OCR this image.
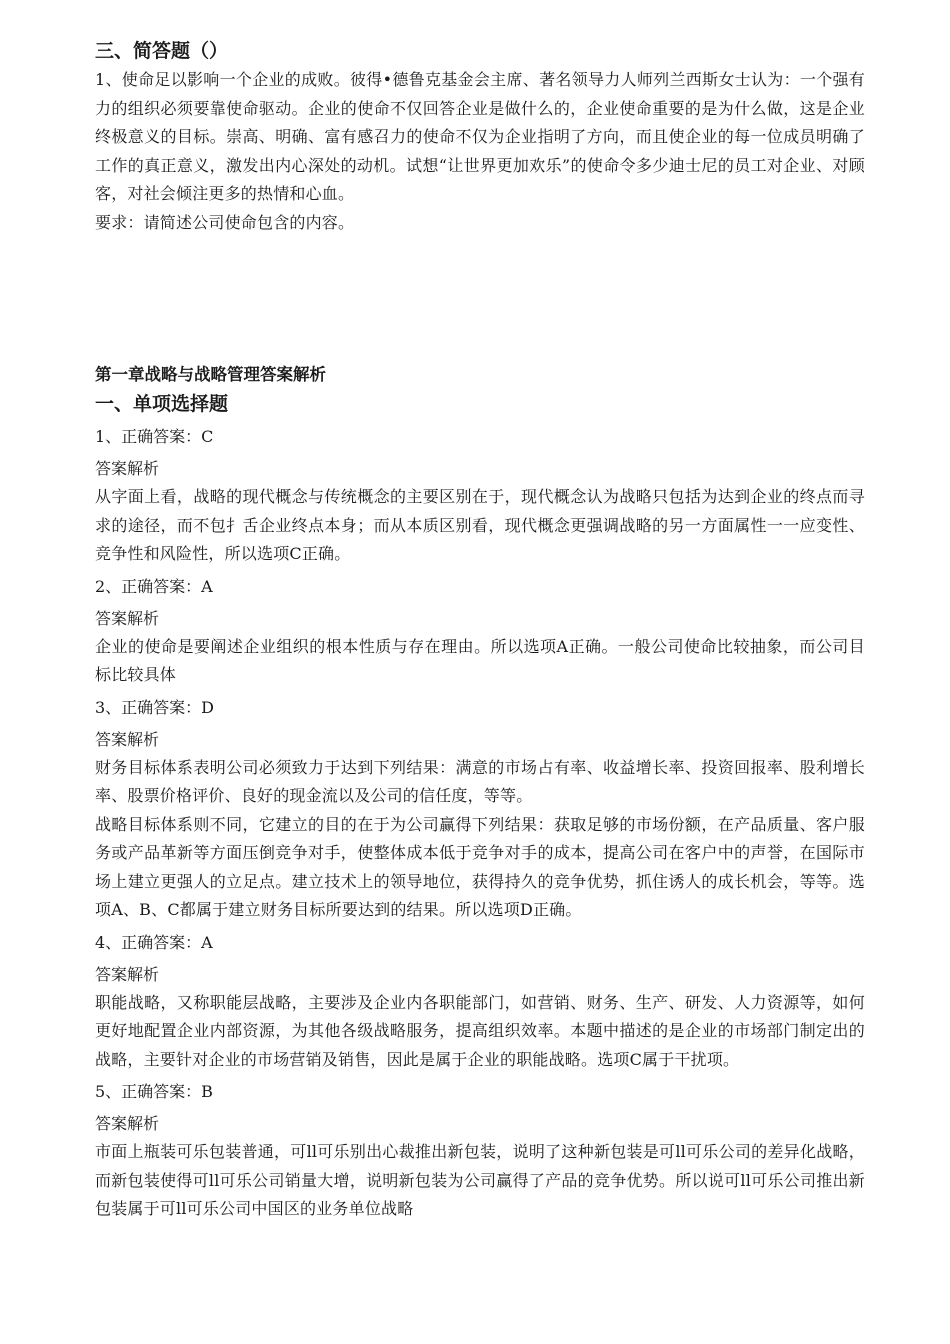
三、简答题（）

1、使命足以影响一个企业的成败。彼得•德鲁克基金会主席、著名领导力人师列兰西斯女士认为：一个强有力的组织必须要靠使命驱动。企业的使命不仅回答企业是做什么的，企业使命重要的是为什么做，这是企业终极意义的目标。崇高、明确、富有感召力的使命不仅为企业指明了方向，而且使企业的每一位成员明确了工作的真正意义，激发出内心深处的动机。试想“让世界更加欢乐”的使命令多少迪士尼的员工对企业、对顾客，对社会倾注更多的热情和心血。

要求：请简述公司使命包含的内容。

第一章战略与战略管理答案解析
一、单项选择题

1、正确答案：C

答案解析

从字面上看，战略的现代概念与传统概念的主要区别在于，现代概念认为战略只包括为达到企业的终点而寻求的途径，而不包扌舌企业终点本身；而从本质区别看，现代概念更强调战略的另一方面属性一一应变性、竞争性和风险性，所以选项C正确。

2、正确答案：A

答案解析

企业的使命是要阐述企业组织的根本性质与存在理由。所以选项A正确。一般公司使命比较抽象，而公司目标比较具体

3、正确答案：D

答案解析

财务目标体系表明公司必须致力于达到下列结果：满意的市场占有率、收益增长率、投资回报率、股利增长率、股票价格评价、良好的现金流以及公司的信任度，等等。

战略目标体系则不同，它建立的目的在于为公司赢得下列结果：获取足够的市场份额，在产品质量、客户服务或产品革新等方面压倒竞争对手，使整体成本低于竞争对手的成本，提高公司在客户中的声誉，在国际市场上建立更强人的立足点。建立技术上的领导地位，获得持久的竞争优势，抓住诱人的成长机会，等等。选项A、B、C都属于建立财务目标所要达到的结果。所以选项D正确。

4、正确答案：A

答案解析

职能战略，又称职能层战略，主要涉及企业内各职能部门，如营销、财务、生产、研发、人力资源等，如何更好地配置企业内部资源，为其他各级战略服务，提高组织效率。本题中描述的是企业的市场部门制定出的战略，主要针对企业的市场营销及销售，因此是属于企业的职能战略。选项C属于干扰项。

5、正确答案：B

答案解析

市面上瓶装可乐包装普通，可ll可乐别出心裁推出新包装，说明了这种新包装是可ll可乐公司的差异化战略，而新包装使得可ll可乐公司销量大增，说明新包装为公司赢得了产品的竞争优势。所以说可ll可乐公司推出新包装属于可ll可乐公司中国区的业务单位战略
